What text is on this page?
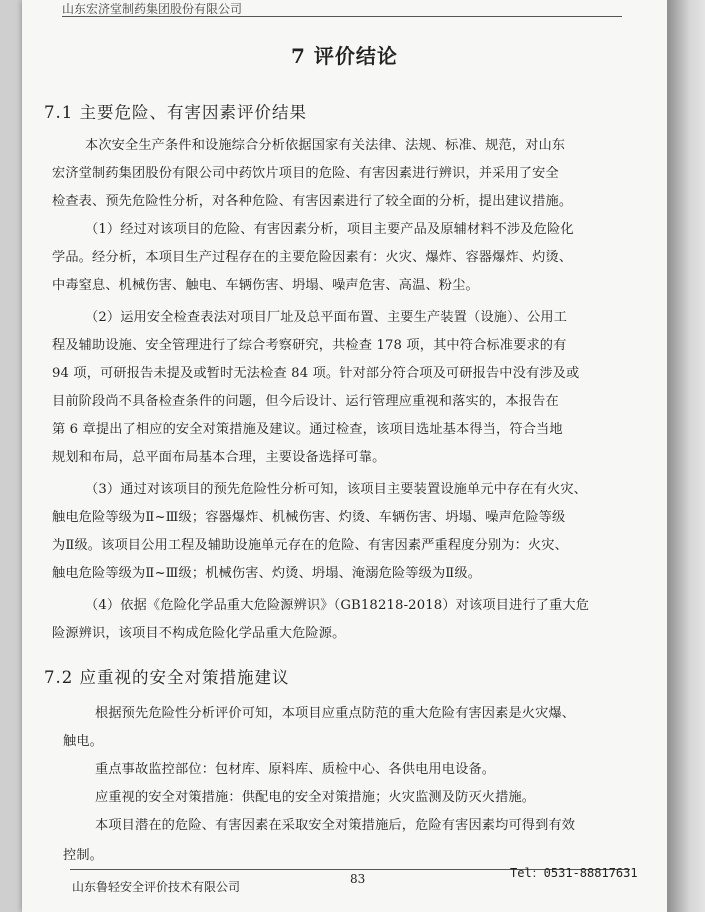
山东宏济堂制药集团股份有限公司
7 评价结论
7.1 主要危险、有害因素评价结果
本次安全生产条件和设施综合分析依据国家有关法律、法规、标准、规范，对山东
宏济堂制药集团股份有限公司中药饮片项目的危险、有害因素进行辨识，并采用了安全
检查表、预先危险性分析，对各种危险、有害因素进行了较全面的分析，提出建议措施。
（1）经过对该项目的危险、有害因素分析，项目主要产品及原辅材料不涉及危险化
学品。经分析，本项目生产过程存在的主要危险因素有：火灾、爆炸、容器爆炸、灼烫、
中毒窒息、机械伤害、触电、车辆伤害、坍塌、噪声危害、高温、粉尘。
（2）运用安全检查表法对项目厂址及总平面布置、主要生产装置（设施）、公用工
程及辅助设施、安全管理进行了综合考察研究，共检查 178 项，其中符合标准要求的有
94 项，可研报告未提及或暂时无法检查 84 项。针对部分符合项及可研报告中没有涉及或
目前阶段尚不具备检查条件的问题，但今后设计、运行管理应重视和落实的，本报告在
第 6 章提出了相应的安全对策措施及建议。通过检查，该项目选址基本得当，符合当地
规划和布局，总平面布局基本合理，主要设备选择可靠。
（3）通过对该项目的预先危险性分析可知，该项目主要装置设施单元中存在有火灾、
触电危险等级为Ⅱ~Ⅲ级；容器爆炸、机械伤害、灼烫、车辆伤害、坍塌、噪声危险等级
为Ⅱ级。该项目公用工程及辅助设施单元存在的危险、有害因素严重程度分别为：火灾、
触电危险等级为Ⅱ~Ⅲ级；机械伤害、灼烫、坍塌、淹溺危险等级为Ⅱ级。
（4）依据《危险化学品重大危险源辨识》（GB18218-2018）对该项目进行了重大危
险源辨识，该项目不构成危险化学品重大危险源。
7.2 应重视的安全对策措施建议
根据预先危险性分析评价可知，本项目应重点防范的重大危险有害因素是火灾爆、
触电。
重点事故监控部位：包材库、原料库、质检中心、各供电用电设备。
应重视的安全对策措施：供配电的安全对策措施；火灾监测及防灭火措施。
本项目潜在的危险、有害因素在采取安全对策措施后，危险有害因素均可得到有效
控制。
山东鲁轻安全评价技术有限公司
83	Tel：0531-88817631
